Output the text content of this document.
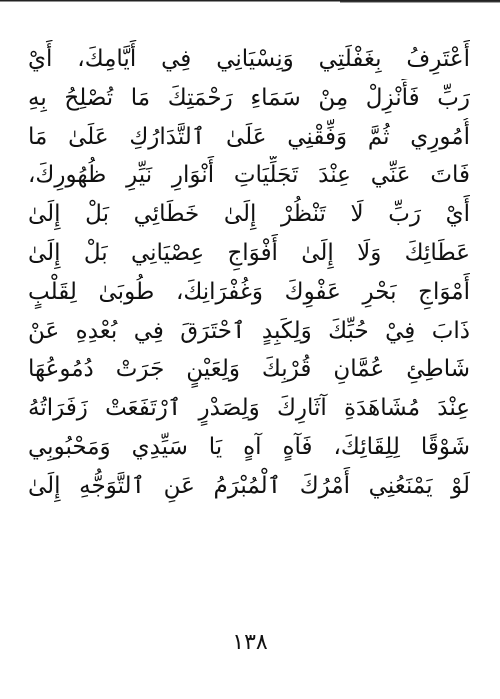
أَعْتَرِفُ بِغَفْلَتِي وَنِسْيَانِي فِي أَيَّامِكَ، أَيْ
رَبِّ فَأَنْزِلْ مِنْ سَمَاءِ رَحْمَتِكَ مَا تُصْلِحُ بِهِ
أُمُورِي ثُمَّ وَفِّقْنِي عَلَىٰ ٱلتَّدَارُكِ عَلَىٰ مَا
فَاتَ عَنِّي عِنْدَ تَجَلِّيَاتِ أَنْوَارِ نَيِّرِ ظُهُورِكَ،
أَيْ رَبِّ لَا تَنْظُرْ إِلَىٰ خَطَائِي بَلْ إِلَىٰ
عَطَائِكَ وَلَا إِلَىٰ أَفْوَاجِ عِصْيَانِي بَلْ إِلَىٰ
أَمْوَاجِ بَحْرِ عَفْوِكَ وَغُفْرَانِكَ، طُوبَىٰ لِقَلْبٍ
ذَابَ فِيْ حُبِّكَ وَلِكَبِدٍ ٱحْتَرَقَ فِي بُعْدِهِ عَنْ
شَاطِئِ عُمَّانِ قُرْبِكَ وَلِعَيْنٍ جَرَتْ دُمُوعُهَا
عِنْدَ مُشَاهَدَةِ آثَارِكَ وَلِصَدْرٍ ٱرْتَفَعَتْ زَفَرَاتُهُ
شَوْقًا لِلِقَائِكَ، فَآهٍ آهٍ يَا سَيِّدِي وَمَحْبُوبِي
لَوْ يَمْنَعُنِي أَمْرُكَ ٱلْمُبْرَمُ عَنِ ٱلتَّوَجُّهِ إِلَىٰ
١٣٨
